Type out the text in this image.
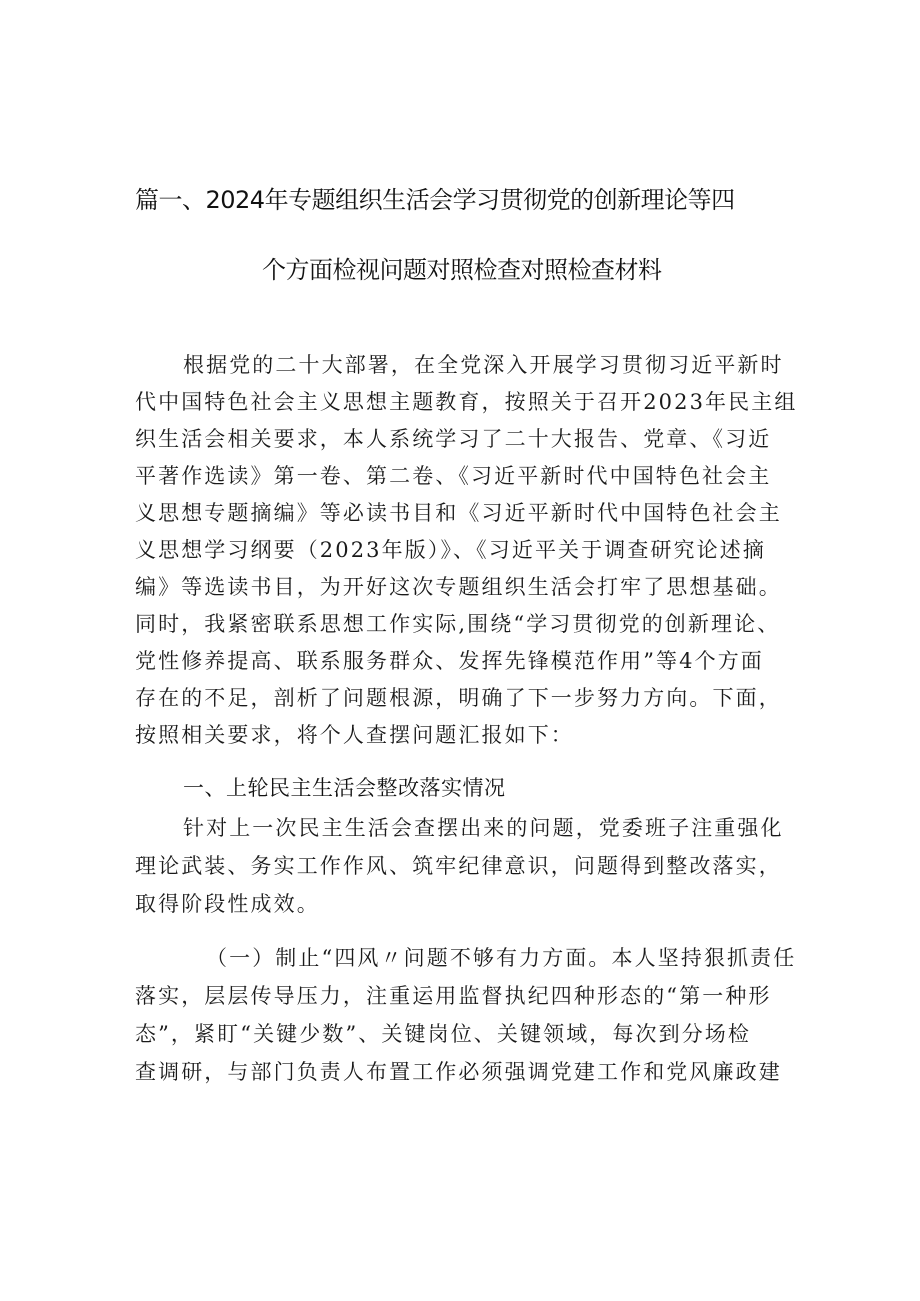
篇一、2024年专题组织生活会学习贯彻党的创新理论等四
个方面检视问题对照检查对照检查材料
根据党的二十大部署，在全党深入开展学习贯彻习近平新时
代中国特色社会主义思想主题教育，按照关于召开2023年民主组
织生活会相关要求，本人系统学习了二十大报告、党章、《习近
平著作选读》第一卷、第二卷、《习近平新时代中国特色社会主
义思想专题摘编》等必读书目和《习近平新时代中国特色社会主
义思想学习纲要（2023年版）》、《习近平关于调查研究论述摘
编》等选读书目，为开好这次专题组织生活会打牢了思想基础。
同时，我紧密联系思想工作实际,围绕“学习贯彻党的创新理论、
党性修养提高、联系服务群众、发挥先锋模范作用”等4个方面
存在的不足，剖析了问题根源，明确了下一步努力方向。下面，
按照相关要求，将个人查摆问题汇报如下：
一、上轮民主生活会整改落实情况
针对上一次民主生活会查摆出来的问题，党委班子注重强化
理论武装、务实工作作风、筑牢纪律意识，问题得到整改落实，
取得阶段性成效。
（一）制止“四风〃问题不够有力方面。本人坚持狠抓责任
落实，层层传导压力，注重运用监督执纪四种形态的“第一种形
态”，紧盯“关键少数”、关键岗位、关键领域，每次到分场检
查调研，与部门负责人布置工作必须强调党建工作和党风廉政建
